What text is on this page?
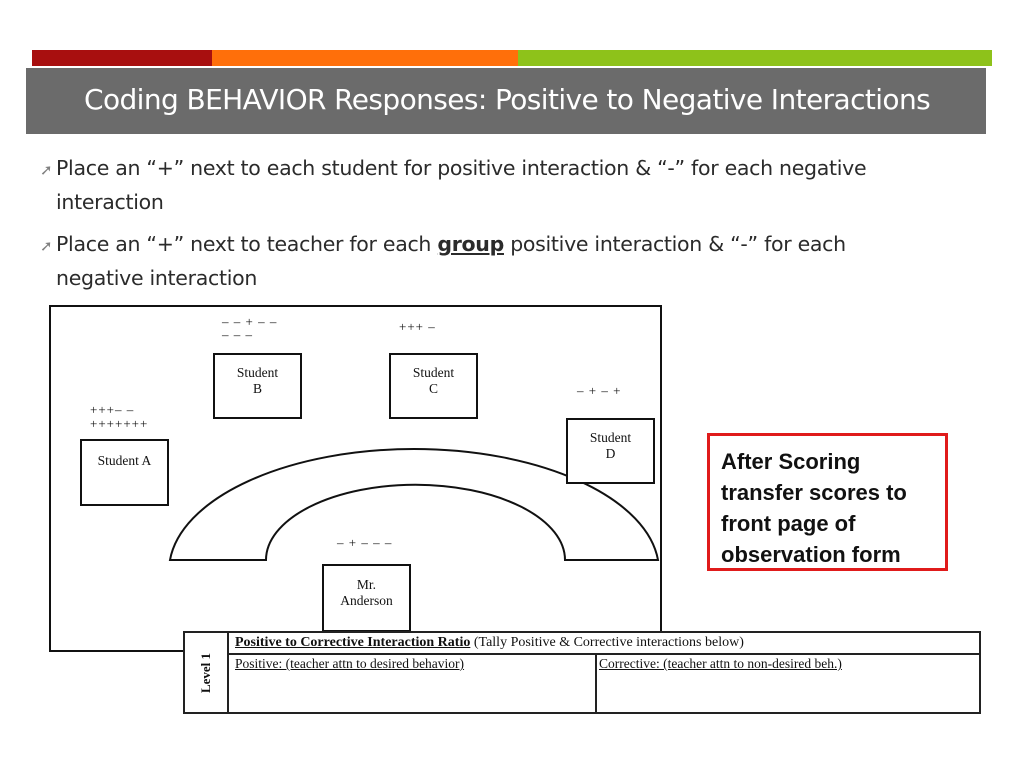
Coding BEHAVIOR Responses: Positive to Negative Interactions
➚ Place an “+” next to each student for positive interaction & “-” for each negative interaction
➚ Place an “+” next to teacher for each group positive interaction & “-” for each negative interaction
Student
B
– – + – –
– – –
Student
C
+++ –
Student A
+++– –
+++++++
Student
D
– + – +
– + – – –
Mr.
Anderson
After Scoring
transfer scores to
front page of
observation form
Level 1
Positive to Corrective Interaction Ratio (Tally Positive & Corrective interactions below)
Positive: (teacher attn to desired behavior)	Corrective: (teacher attn to non-desired beh.)
